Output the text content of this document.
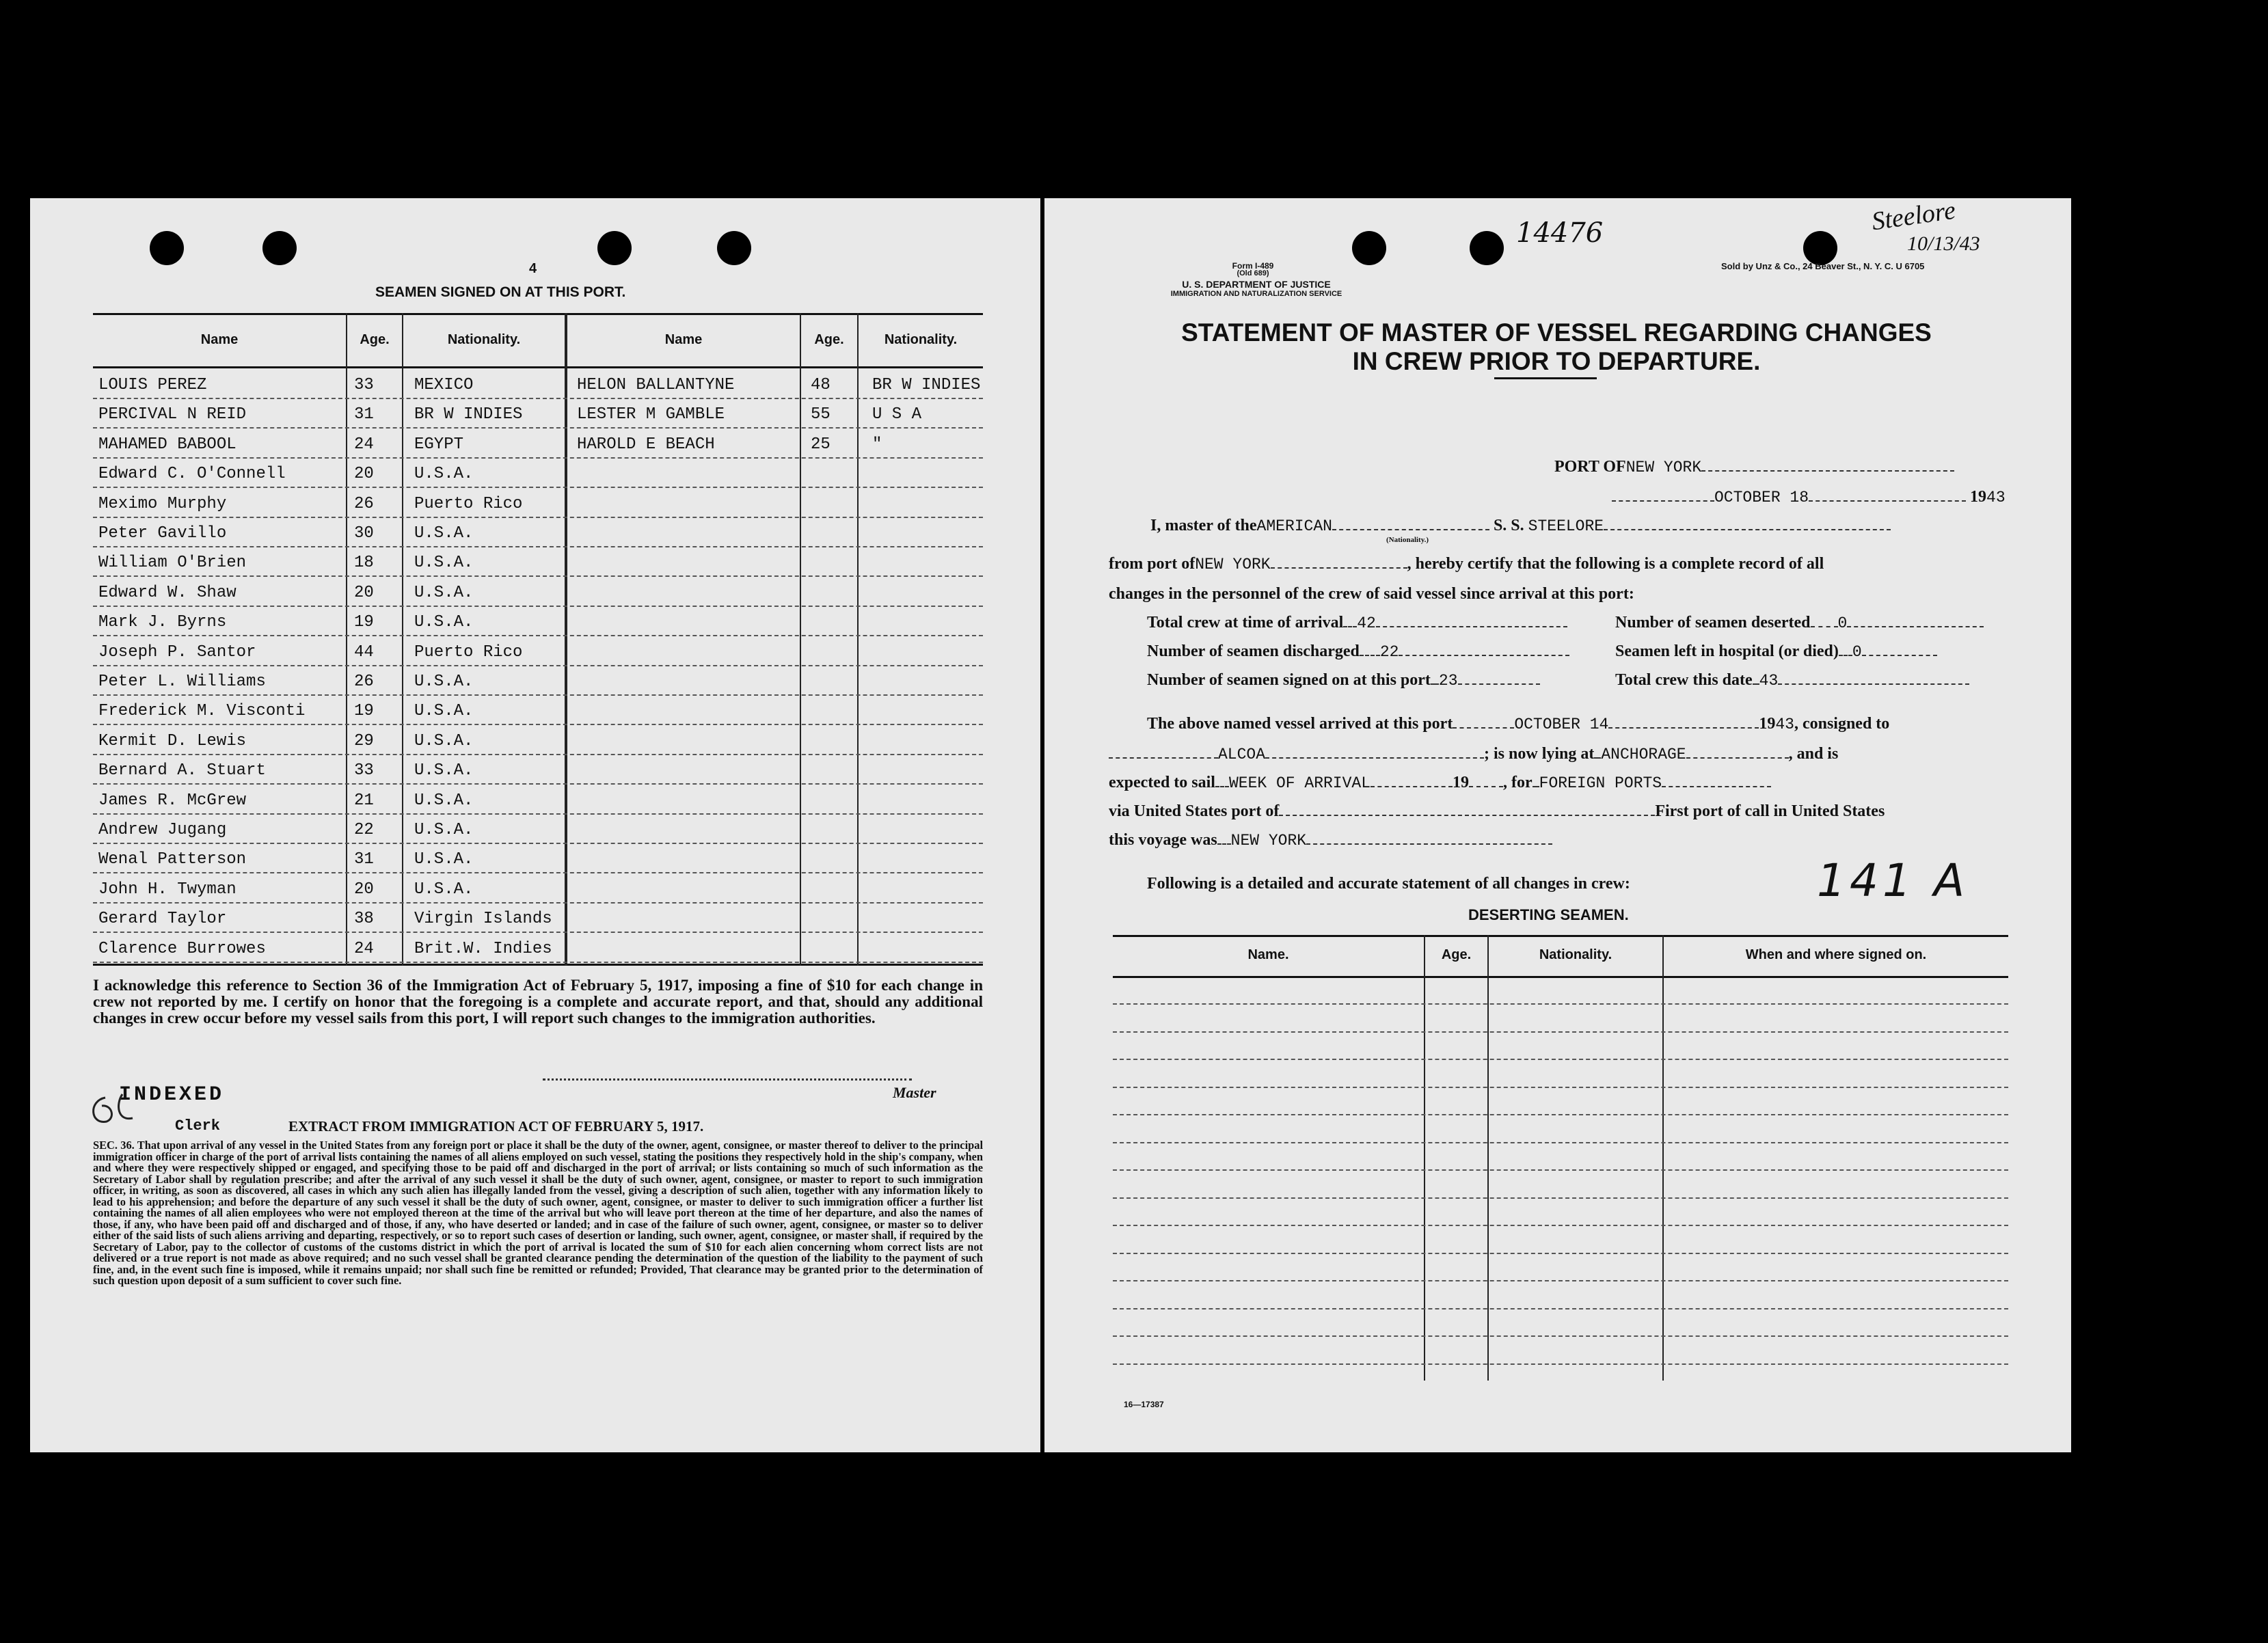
4
SEAMEN SIGNED ON AT THIS PORT.
Name	Age.	Nationality.	Name	Age.	Nationality.
LOUIS PEREZ	33 MEXICO	HELON BALLANTYNE	48	BR W INDIES
PERCIVAL N REID	31 BR W INDIES	LESTER M GAMBLE	55	U S A
MAHAMED BABOOL	24 EGYPT	HAROLD E BEACH	25	"
Edward C. O'Connell	20 U.S.A.
Meximo Murphy	26 Puerto Rico
Peter Gavillo	30 U.S.A.
William O'Brien	18 U.S.A.
Edward W. Shaw	20 U.S.A.
Mark J. Byrns	19 U.S.A.
Joseph P. Santor	44 Puerto Rico
Peter L. Williams	26 U.S.A.
Frederick M. Visconti	19 U.S.A.
Kermit D. Lewis	29 U.S.A.
Bernard A. Stuart	33 U.S.A.
James R. McGrew	21 U.S.A.
Andrew Jugang	22 U.S.A.
Wenal Patterson	31 U.S.A.
John H. Twyman	20 U.S.A.
Gerard Taylor	38 Virgin Islands
Clarence Burrowes	24 Brit.W. Indies
I acknowledge this reference to Section 36 of the Immigration Act of February 5, 1917, imposing a fine of $10 for each change in crew not reported by me. I certify on honor that the foregoing is a complete and accurate report, and that, should any additional changes in crew occur before my vessel sails from this port, I will report such changes to the immigration authorities.
Master
INDEXED
Clerk	EXTRACT FROM IMMIGRATION ACT OF FEBRUARY 5, 1917.
SEC. 36. That upon arrival of any vessel in the United States from any foreign port or place it shall be the duty of the owner, agent, consignee, or master thereof to deliver to the principal immigration officer in charge of the port of arrival lists containing the names of all aliens employed on such vessel, stating the positions they respectively hold in the ship's company, when and where they were respectively shipped or engaged, and specifying those to be paid off and discharged in the port of arrival; or lists containing so much of such information as the Secretary of Labor shall by regulation prescribe; and after the arrival of any such vessel it shall be the duty of such owner, agent, consignee, or master to report to such immigration officer, in writing, as soon as discovered, all cases in which any such alien has illegally landed from the vessel, giving a description of such alien, together with any information likely to lead to his apprehension; and before the departure of any such vessel it shall be the duty of such owner, agent, consignee, or master to deliver to such immigration officer a further list containing the names of all alien employees who were not employed thereon at the time of the arrival but who will leave port thereon at the time of her departure, and also the names of those, if any, who have been paid off and discharged and of those, if any, who have deserted or landed; and in case of the failure of such owner, agent, consignee, or master so to deliver either of the said lists of such aliens arriving and departing, respectively, or so to report such cases of desertion or landing, such owner, agent, consignee, or master shall, if required by the Secretary of Labor, pay to the collector of customs of the customs district in which the port of arrival is located the sum of $10 for each alien concerning whom correct lists are not delivered or a true report is not made as above required; and no such vessel shall be granted clearance pending the determination of the question of the liability to the payment of such fine, and, in the event such fine is imposed, while it remains unpaid; nor shall such fine be remitted or refunded; Provided, That clearance may be granted prior to the determination of such question upon deposit of a sum sufficient to cover such fine.
14476	Steelore
10/13/43
Form I-489
(Old 689)
U. S. DEPARTMENT OF JUSTICE
IMMIGRATION AND NATURALIZATION SERVICE
Sold by Unz & Co., 24 Beaver St., N. Y. C. U 6705
STATEMENT OF MASTER OF VESSEL REGARDING CHANGES
IN CREW PRIOR TO DEPARTURE.
PORT OFNEW YORK
OCTOBER 18	1943
I, master of theAMERICAN	S. S. STEELORE
(Nationality.)
from port ofNEW YORK	, hereby certify that the following is a complete record of all
changes in the personnel of the crew of said vessel since arrival at this port:
Total crew at time of arrival 42	Number of seamen deserted 0
Number of seamen discharged 22	Seamen left in hospital (or died) 0
Number of seamen signed on at this port 23	Total crew this date 43
The above named vessel arrived at this port	OCTOBER 14	1943, consigned to
ALCOA	; is now lying at ANCHORAGE	, and is
expected to sail WEEK OF ARRIVAL	19 , for FOREIGN PORTS
via United States port of	First port of call in United States
this voyage was NEW YORK
Following is a detailed and accurate statement of all changes in crew:	141 A
DESERTING SEAMEN.
Name.	Age.	Nationality.	When and where signed on.
16—17387
